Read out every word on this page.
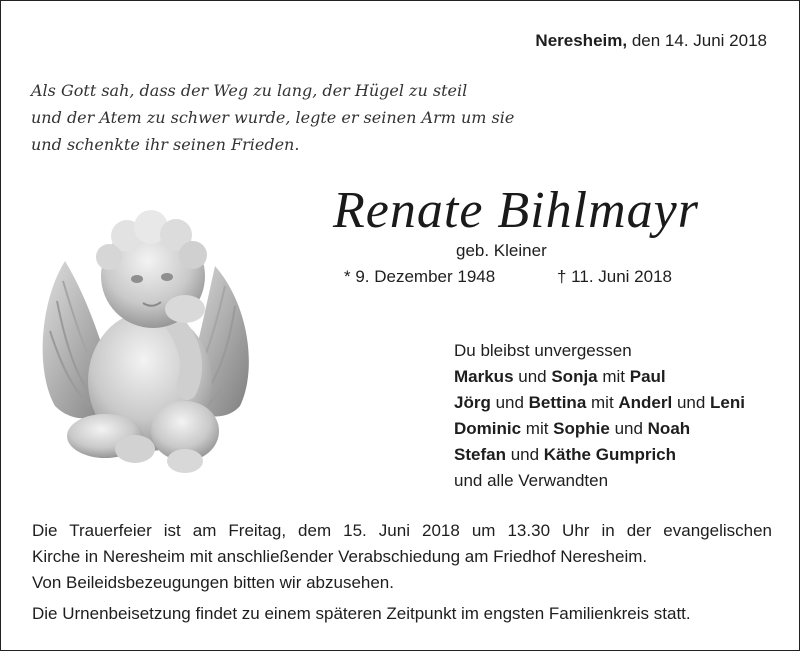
Neresheim, den 14. Juni 2018
Als Gott sah, dass der Weg zu lang, der Hügel zu steil
und der Atem zu schwer wurde, legte er seinen Arm um sie
und schenkte ihr seinen Frieden.
Renate Bihlmayr
geb. Kleiner
* 9. Dezember 1948	† 11. Juni 2018
Du bleibst unvergessen
Markus und Sonja mit Paul
Jörg und Bettina mit Anderl und Leni
Dominic mit Sophie und Noah
Stefan und Käthe Gumprich
und alle Verwandten
Die Trauerfeier ist am Freitag, dem 15. Juni 2018 um 13.30 Uhr in der evangelischen
Kirche in Neresheim mit anschließender Verabschiedung am Friedhof Neresheim.
Von Beileidsbezeugungen bitten wir abzusehen.
Die Urnenbeisetzung findet zu einem späteren Zeitpunkt im engsten Familienkreis statt.
